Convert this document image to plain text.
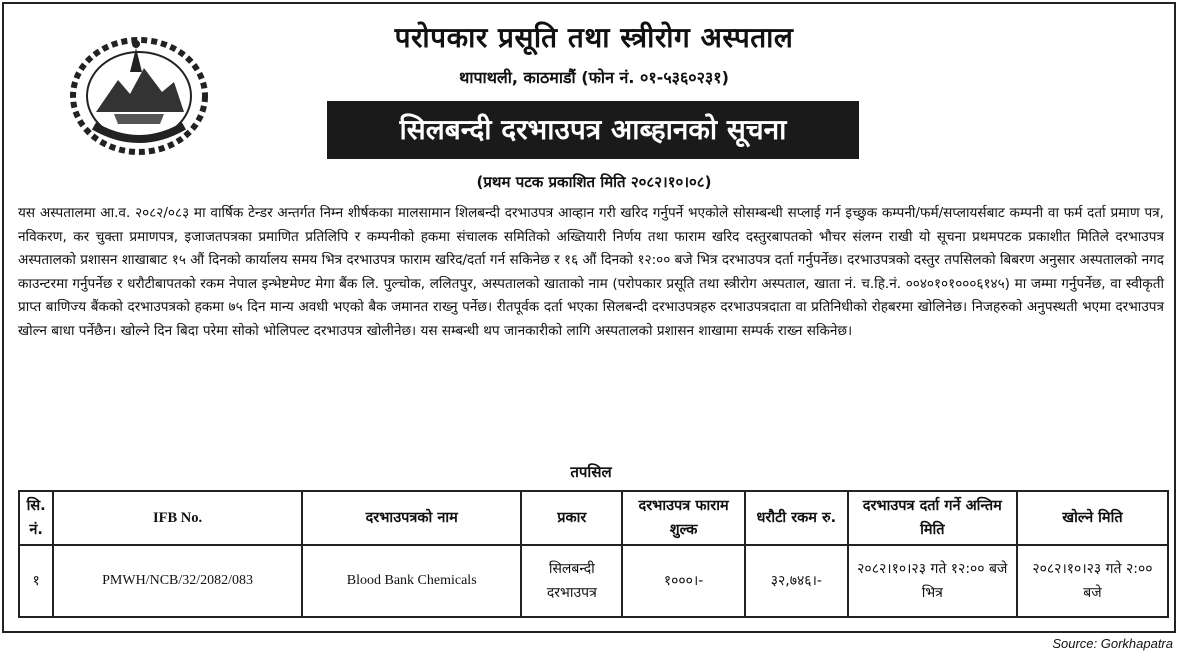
परोपकार प्रसूति तथा स्त्रीरोग अस्पताल
थापाथली, काठमाडौं (फोन नं. ०१-५३६०२३१)
सिलबन्दी दरभाउपत्र आब्हानको सूचना
(प्रथम पटक प्रकाशित मिति २०८२।१०।०८)
यस अस्पतालमा आ.व. २०८२/०८३ मा वार्षिक टेन्डर अन्तर्गत निम्न शीर्षकका मालसामान शिलबन्दी दरभाउपत्र आव्हान गरी खरिद गर्नुपर्ने भएकोले सोसम्बन्धी सप्लाई गर्न इच्छुक कम्पनी/फर्म/सप्लायर्सबाट कम्पनी वा फर्म दर्ता प्रमाण पत्र, नविकरण, कर चुक्ता प्रमाणपत्र, इजाजतपत्रका प्रमाणित प्रतिलिपि र कम्पनीको हकमा संचालक समितिको अख्तियारी निर्णय तथा फाराम खरिद दस्तुरबापतको भौचर संलग्न राखी यो सूचना प्रथमपटक प्रकाशीत मितिले दरभाउपत्र अस्पतालको प्रशासन शाखाबाट १५ औं दिनको कार्यालय समय भित्र दरभाउपत्र फाराम खरिद/दर्ता गर्न सकिनेछ र १६ औं दिनको १२:०० बजे भित्र दरभाउपत्र दर्ता गर्नुपर्नेछ। दरभाउपत्रको दस्तुर तपसिलको बिबरण अनुसार अस्पतालको नगद काउन्टरमा गर्नुपर्नेछ र धरौटीबापतको रकम नेपाल इन्भेष्टमेण्ट मेगा बैंक लि. पुल्चोक, ललितपुर, अस्पतालको खाताको नाम (परोपकार प्रसूति तथा स्त्रीरोग अस्पताल, खाता नं. च.हि.नं. ००४०१०१०००६१४५) मा जम्मा गर्नुपर्नेछ, वा स्वीकृती प्राप्त बाणिज्य बैंकको दरभाउपत्रको हकमा ७५ दिन मान्य अवधी भएको बैक जमानत राख्नु पर्नेछ। रीतपूर्वक दर्ता भएका सिलबन्दी दरभाउपत्रहरु दरभाउपत्रदाता वा प्रतिनिधीको रोहबरमा खोलिनेछ। निजहरुको अनुपस्थती भएमा दरभाउपत्र खोल्न बाधा पर्नेछैन। खोल्ने दिन बिदा परेमा सोको भोलिपल्ट दरभाउपत्र खोलीनेछ। यस सम्बन्धी थप जानकारीको लागि अस्पतालको प्रशासन शाखामा सम्पर्क राख्न सकिनेछ।
तपसिल
सि. नं.	IFB No.	दरभाउपत्रको नाम	प्रकार	दरभाउपत्र फाराम शुल्क	धरौटी रकम रु.	दरभाउपत्र दर्ता गर्ने अन्तिम मिति	खोल्ने मिति
१	PMWH/NCB/32/2082/083	Blood Bank Chemicals	सिलबन्दी दरभाउपत्र	१०००।-	३२,७४६।-	२०८२।१०।२३ गते १२:०० बजे भित्र	२०८२।१०।२३ गते २:०० बजे
Source: Gorkhapatra
